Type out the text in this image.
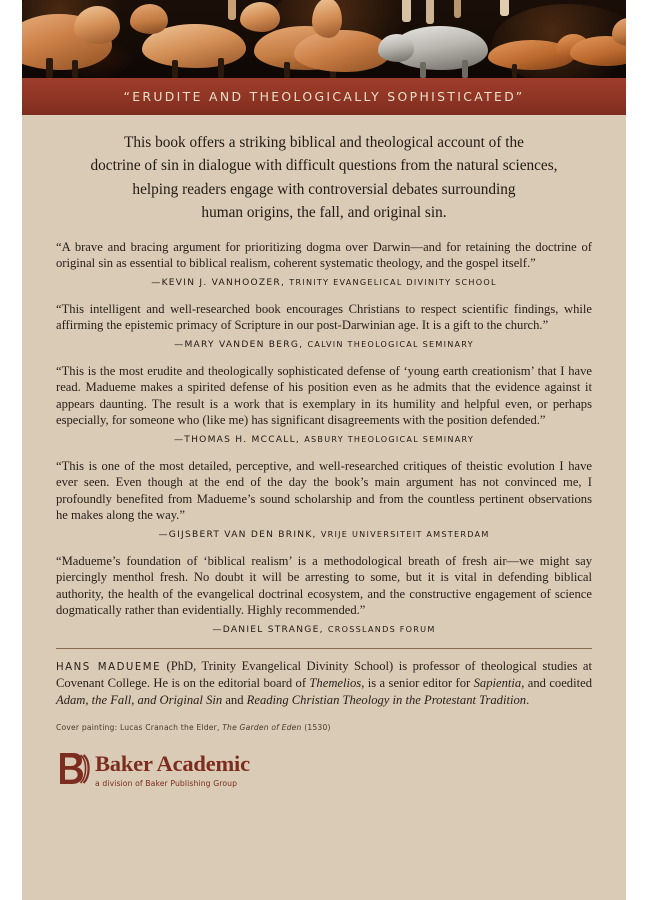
“ERUDITE AND THEOLOGICALLY SOPHISTICATED”
This book offers a striking biblical and theological account of the
doctrine of sin in dialogue with difficult questions from the natural sciences,
helping readers engage with controversial debates surrounding
human origins, the fall, and original sin.

“A brave and bracing argument for prioritizing dogma over Darwin—and for retaining the doctrine of original sin as essential to biblical realism, coherent systematic theology, and the gospel itself.”

—KEVIN J. VANHOOZER, TRINITY EVANGELICAL DIVINITY SCHOOL

“This intelligent and well-researched book encourages Christians to respect scientific findings, while affirming the epistemic primacy of Scripture in our post-Darwinian age. It is a gift to the church.”

—MARY VANDEN BERG, CALVIN THEOLOGICAL SEMINARY

“This is the most erudite and theologically sophisticated defense of ‘young earth creationism’ that I have read. Madueme makes a spirited defense of his position even as he admits that the evidence against it appears daunting. The result is a work that is exemplary in its humility and helpful even, or perhaps especially, for someone who (like me) has significant disagreements with the position defended.”

—THOMAS H. MCCALL, ASBURY THEOLOGICAL SEMINARY

“This is one of the most detailed, perceptive, and well-researched critiques of theistic evolution I have ever seen. Even though at the end of the day the book’s main argument has not convinced me, I profoundly benefited from Madueme’s sound scholarship and from the countless pertinent observations he makes along the way.”

—GIJSBERT VAN DEN BRINK, VRIJE UNIVERSITEIT AMSTERDAM

“Madueme’s foundation of ‘biblical realism’ is a methodological breath of fresh air—we might say piercingly menthol fresh. No doubt it will be arresting to some, but it is vital in defending biblical authority, the health of the evangelical doctrinal ecosystem, and the constructive engagement of science dogmatically rather than evidentially. Highly recommended.”

—DANIEL STRANGE, CROSSLANDS FORUM

HANS MADUEME (PhD, Trinity Evangelical Divinity School) is professor of theological studies at Covenant College. He is on the editorial board of Themelios, is a senior editor for Sapientia, and coedited Adam, the Fall, and Original Sin and Reading Christian Theology in the Protestant Tradition.

Cover painting: Lucas Cranach the Elder, The Garden of Eden (1530)

Baker Academic
a division of Baker Publishing Group
